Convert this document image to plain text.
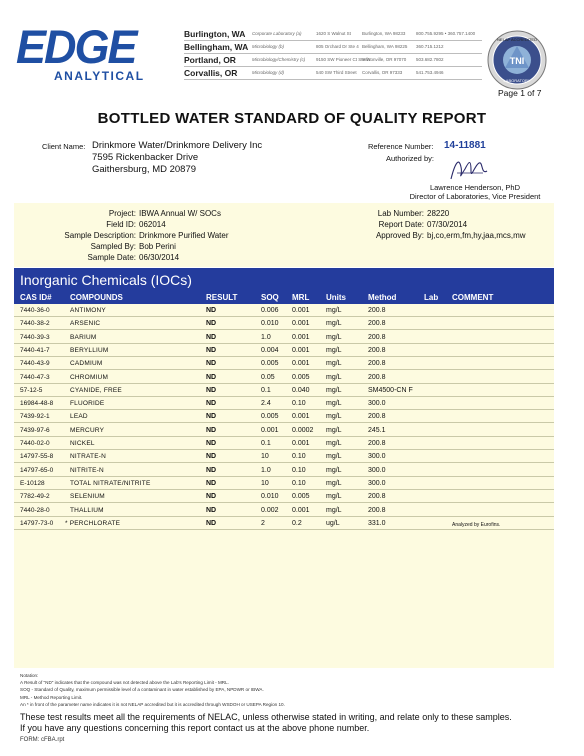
EDGE
ANALYTICAL
Burlington, WA Corporate Laboratory (a)	1620 S Walnut St Burlington, WA 98233 800.755.9295 • 360.757.1400
Bellingham, WA Microbiology (b)	805 Orchard Dr Ste 4 Bellingham, WA 98225 360.715.1212
Portland, OR	Microbiology/Chemistry (c) 9150 SW Pioneer Ct Ste W
Wilsonville, OR 97070 503.682.7802
Corvallis, OR	Microbiology (d)	540 SW Third Street Corvallis, OR 97333	541.753.4946
TNI
NELAP ACCREDITED
LABORATORY
Page 1 of 7
BOTTLED WATER STANDARD OF QUALITY REPORT
Client Name: Drinkmore Water/Drinkmore Delivery Inc
7595 Rickenbacker Drive
Gaithersburg, MD 20879
Reference Number: 14-11881
Authorized by:
Lawrence Henderson, PhD
Director of Laboratories, Vice President
Project: IBWA Annual W/ SOCs
Field ID: 062014
Sample Description: Drinkmore Purified Water
Sampled By: Bob Perini
Sample Date: 06/30/2014
Lab Number: 28220
Report Date: 07/30/2014
Approved By: bj,co,erm,fm,hy,jaa,mcs,mw
Inorganic Chemicals (IOCs)
CAS ID# COMPOUNDS	RESULT	SOQ MRL Units	Method	Lab COMMENT
7440-36-0	ANTIMONY	ND	0.006 0.001 mg/L	200.8
7440-38-2	ARSENIC	ND	0.010 0.001 mg/L	200.8
7440-39-3	BARIUM	ND	1.0	0.001 mg/L	200.8
7440-41-7	BERYLLIUM	ND	0.004 0.001 mg/L	200.8
7440-43-9	CADMIUM	ND	0.005 0.001 mg/L	200.8
7440-47-3	CHROMIUM	ND	0.05 0.005 mg/L	200.8
57-12-5	CYANIDE, FREE	ND	0.1	0.040 mg/L	SM4500-CN F
16984-48-8	FLUORIDE	ND	2.4	0.10	mg/L	300.0
7439-92-1	LEAD	ND	0.005 0.001 mg/L	200.8
7439-97-6	MERCURY	ND	0.001 0.0002 mg/L	245.1
7440-02-0	NICKEL	ND	0.1	0.001 mg/L	200.8
14797-55-8	NITRATE-N	ND	10	0.10	mg/L	300.0
14797-65-0	NITRITE-N	ND	1.0	0.10	mg/L	300.0
E-10128	TOTAL NITRATE/NITRITE	ND	10	0.10	mg/L	300.0
7782-49-2	SELENIUM	ND	0.010 0.005 mg/L	200.8
7440-28-0	THALLIUM	ND	0.002 0.001 mg/L	200.8
14797-73-0 * PERCHLORATE	ND	2	0.2	ug/L	331.0	Analyzed by Eurofins.
Notation:
A Result of "ND" indicates that the compound was not detected above the Lab's Reporting Limit - MRL.
SOQ - Standard of Quality, maximum permissible level of a contaminant in water established by EPA, NPDWR or IBWA.
MRL - Method Reporting Limit.
An * in front of the parameter name indicates it is not NELAP accredited but it is accredited through WSDOH or USEPA Region 10.
These test results meet all the requirements of NELAC, unless otherwise stated in writing, and relate only to these samples.
If you have any questions concerning this report contact us at the above phone number.
FORM: cFBA.rpt
